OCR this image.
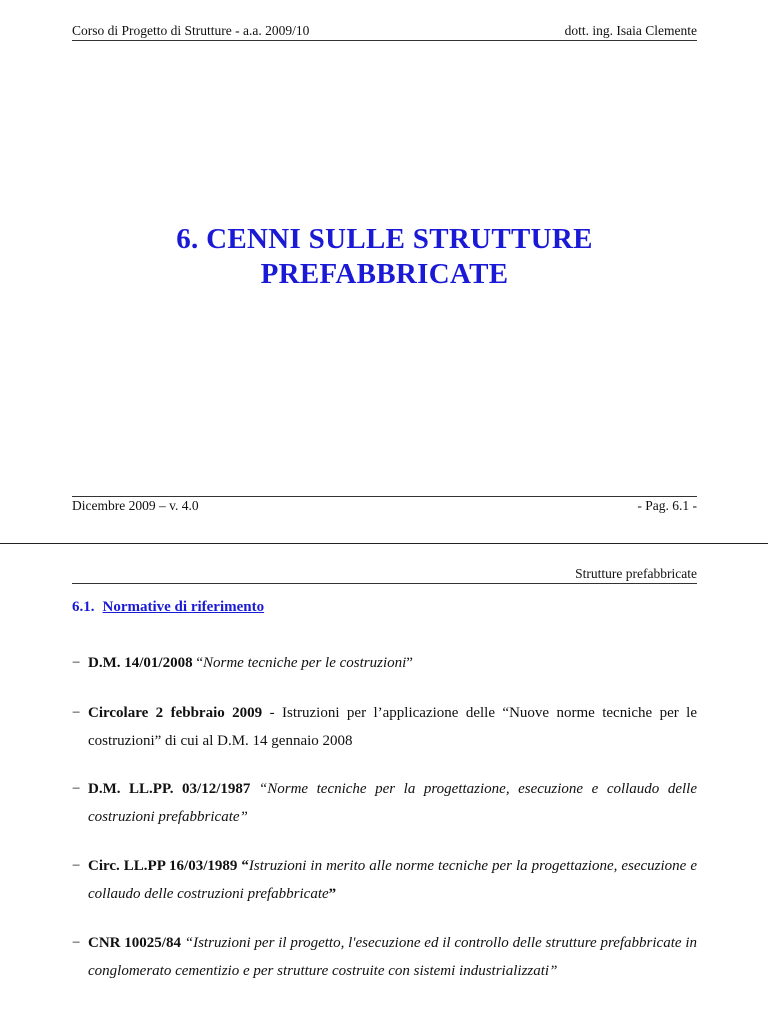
Corso di Progetto di Strutture - a.a. 2009/10	dott. ing. Isaia Clemente
6. CENNI SULLE STRUTTURE
PREFABBRICATE
Dicembre 2009 – v. 4.0	- Pag. 6.1 -
Strutture prefabbricate
6.1. Normative di riferimento
− D.M. 14/01/2008 “Norme tecniche per le costruzioni”
− Circolare 2 febbraio 2009 - Istruzioni per l’applicazione delle “Nuove norme tecniche per le costruzioni” di cui al D.M. 14 gennaio 2008
− D.M. LL.PP. 03/12/1987 “Norme tecniche per la progettazione, esecuzione e collaudo delle costruzioni prefabbricate”
− Circ. LL.PP 16/03/1989 “Istruzioni in merito alle norme tecniche per la progettazione, esecuzione e collaudo delle costruzioni prefabbricate”
− CNR 10025/84 “Istruzioni per il progetto, l'esecuzione ed il controllo delle strutture prefabbricate in conglomerato cementizio e per strutture costruite con sistemi industrializzati”
